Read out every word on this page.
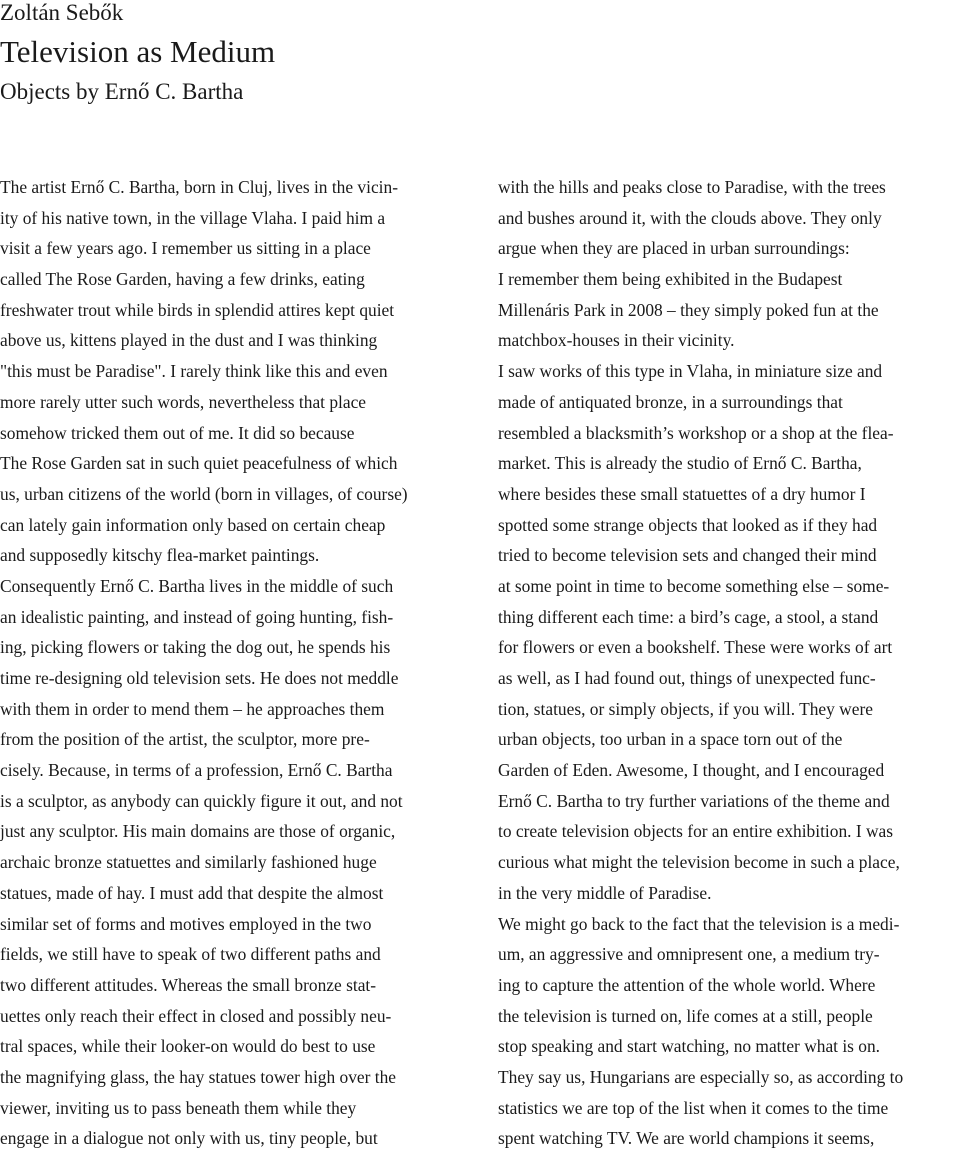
Zoltán Sebők

Television as Medium

Objects by Ernő C. Bartha

The artist Ernő C. Bartha, born in Cluj, lives in the vicin-
ity of his native town, in the village Vlaha. I paid him a
visit a few years ago. I remember us sitting in a place
called The Rose Garden, having a few drinks, eating
freshwater trout while birds in splendid attires kept quiet
above us, kittens played in the dust and I was thinking
"this must be Paradise". I rarely think like this and even
more rarely utter such words, nevertheless that place
somehow tricked them out of me. It did so because
The Rose Garden sat in such quiet peacefulness of which
us, urban citizens of the world (born in villages, of course)
can lately gain information only based on certain cheap
and supposedly kitschy flea-market paintings.
Consequently Ernő C. Bartha lives in the middle of such
an idealistic painting, and instead of going hunting, fish-
ing, picking flowers or taking the dog out, he spends his
time re-designing old television sets. He does not meddle
with them in order to mend them – he approaches them
from the position of the artist, the sculptor, more pre-
cisely. Because, in terms of a profession, Ernő C. Bartha
is a sculptor, as anybody can quickly figure it out, and not
just any sculptor. His main domains are those of organic,
archaic bronze statuettes and similarly fashioned huge
statues, made of hay. I must add that despite the almost
similar set of forms and motives employed in the two
fields, we still have to speak of two different paths and
two different attitudes. Whereas the small bronze stat-
uettes only reach their effect in closed and possibly neu-
tral spaces, while their looker-on would do best to use
the magnifying glass, the hay statues tower high over the
viewer, inviting us to pass beneath them while they
engage in a dialogue not only with us, tiny people, but
with the hills and peaks close to Paradise, with the trees
and bushes around it, with the clouds above. They only
argue when they are placed in urban surroundings:
I remember them being exhibited in the Budapest
Millenáris Park in 2008 – they simply poked fun at the
matchbox-houses in their vicinity.
I saw works of this type in Vlaha, in miniature size and
made of antiquated bronze, in a surroundings that
resembled a blacksmith’s workshop or a shop at the flea-
market. This is already the studio of Ernő C. Bartha,
where besides these small statuettes of a dry humor I
spotted some strange objects that looked as if they had
tried to become television sets and changed their mind
at some point in time to become something else – some-
thing different each time: a bird’s cage, a stool, a stand
for flowers or even a bookshelf. These were works of art
as well, as I had found out, things of unexpected func-
tion, statues, or simply objects, if you will. They were
urban objects, too urban in a space torn out of the
Garden of Eden. Awesome, I thought, and I encouraged
Ernő C. Bartha to try further variations of the theme and
to create television objects for an entire exhibition. I was
curious what might the television become in such a place,
in the very middle of Paradise.
We might go back to the fact that the television is a medi-
um, an aggressive and omnipresent one, a medium try-
ing to capture the attention of the whole world. Where
the television is turned on, life comes at a still, people
stop speaking and start watching, no matter what is on.
They say us, Hungarians are especially so, as according to
statistics we are top of the list when it comes to the time
spent watching TV. We are world champions it seems,
